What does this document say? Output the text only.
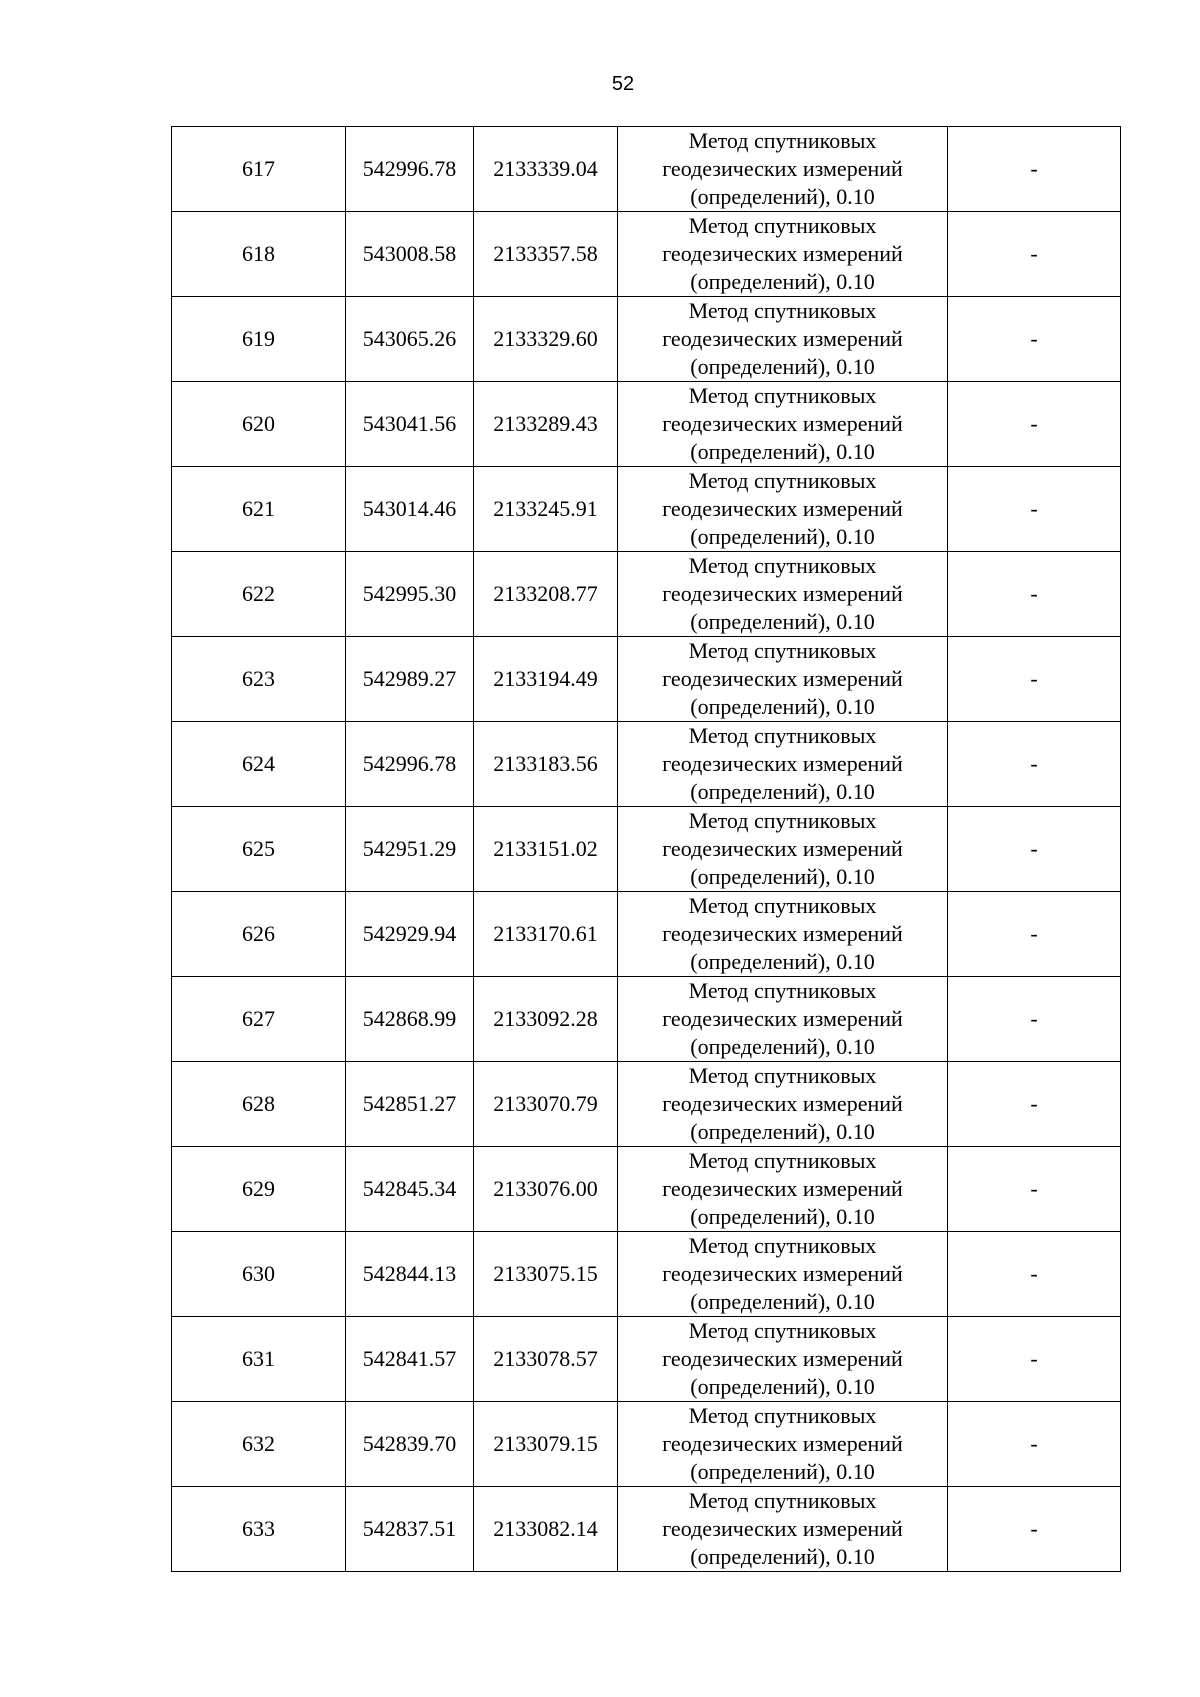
52
617	542996.78	2133339.04	Метод спутниковых
геодезических измерений
(определений), 0.10	-
618	543008.58	2133357.58	Метод спутниковых
геодезических измерений
(определений), 0.10	-
619	543065.26	2133329.60	Метод спутниковых
геодезических измерений
(определений), 0.10	-
620	543041.56	2133289.43	Метод спутниковых
геодезических измерений
(определений), 0.10	-
621	543014.46	2133245.91	Метод спутниковых
геодезических измерений
(определений), 0.10	-
622	542995.30	2133208.77	Метод спутниковых
геодезических измерений
(определений), 0.10	-
623	542989.27	2133194.49	Метод спутниковых
геодезических измерений
(определений), 0.10	-
624	542996.78	2133183.56	Метод спутниковых
геодезических измерений
(определений), 0.10	-
625	542951.29	2133151.02	Метод спутниковых
геодезических измерений
(определений), 0.10	-
626	542929.94	2133170.61	Метод спутниковых
геодезических измерений
(определений), 0.10	-
627	542868.99	2133092.28	Метод спутниковых
геодезических измерений
(определений), 0.10	-
628	542851.27	2133070.79	Метод спутниковых
геодезических измерений
(определений), 0.10	-
629	542845.34	2133076.00	Метод спутниковых
геодезических измерений
(определений), 0.10	-
630	542844.13	2133075.15	Метод спутниковых
геодезических измерений
(определений), 0.10	-
631	542841.57	2133078.57	Метод спутниковых
геодезических измерений
(определений), 0.10	-
632	542839.70	2133079.15	Метод спутниковых
геодезических измерений
(определений), 0.10	-
633	542837.51	2133082.14	Метод спутниковых
геодезических измерений
(определений), 0.10	-
